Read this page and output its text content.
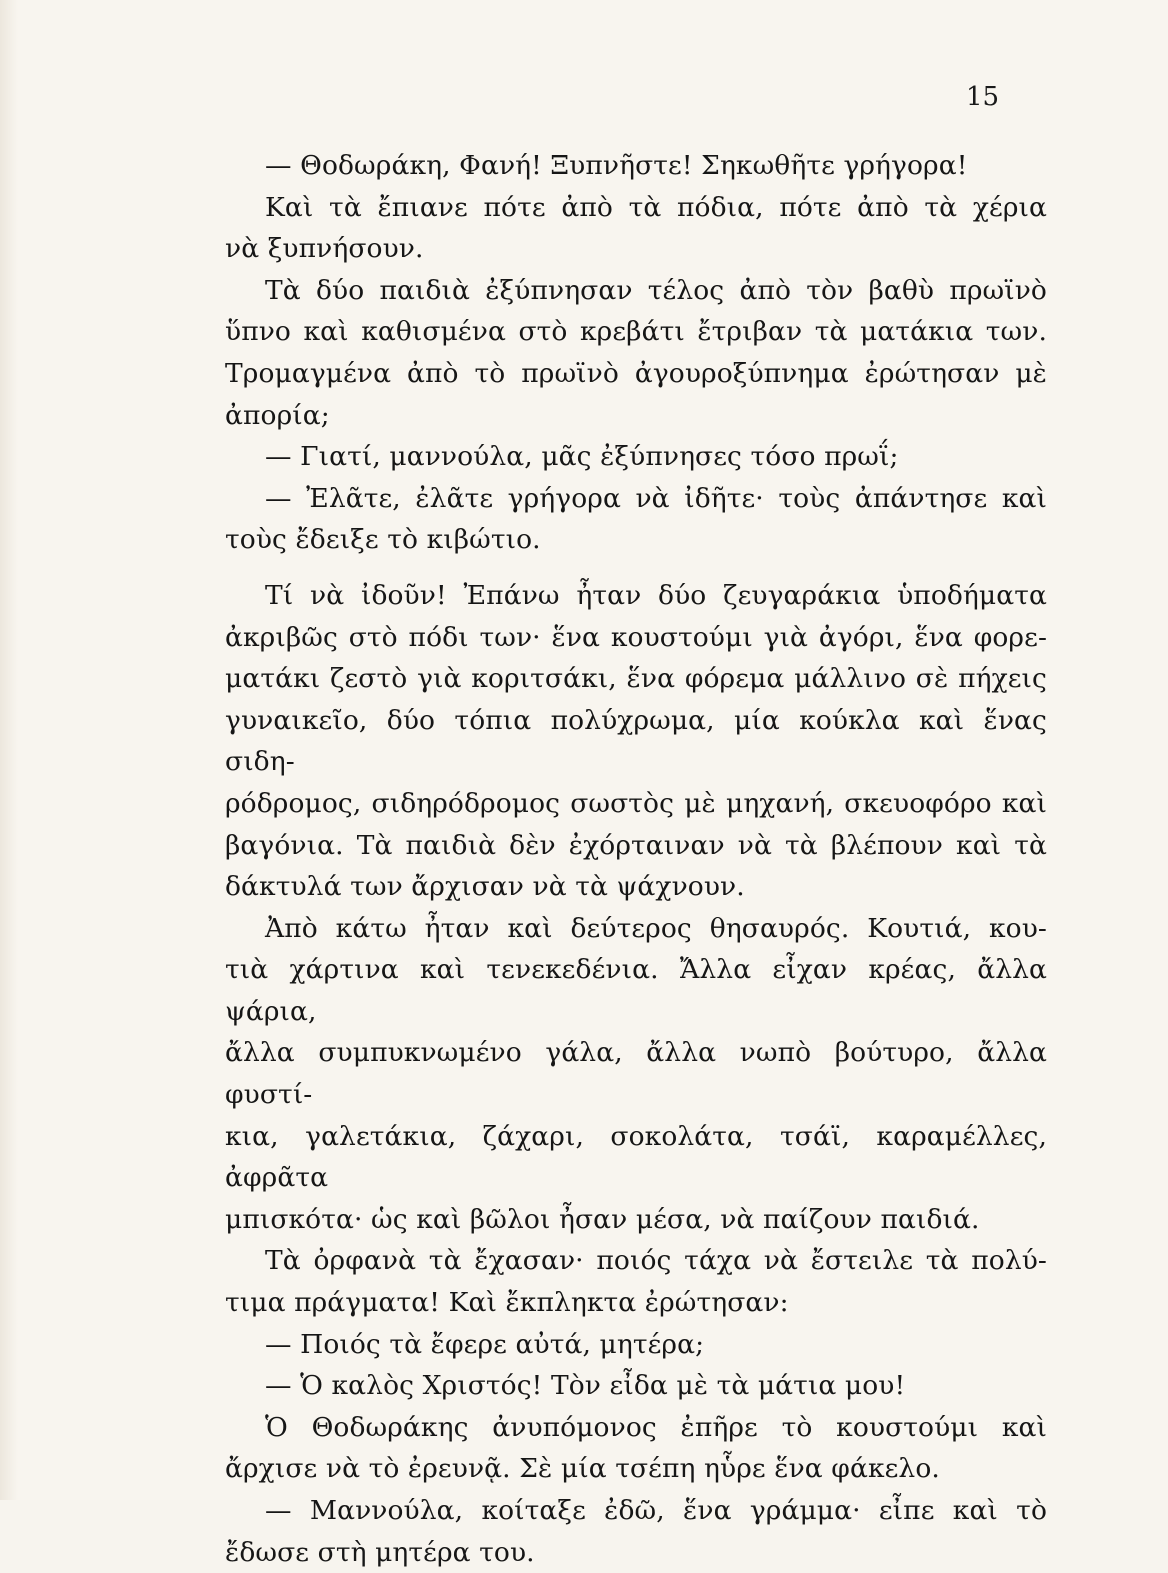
15
— Θοδωράκη, Φανή! Ξυπνῆστε! Σηκωθῆτε γρήγορα!
Καὶ τὰ ἔπιανε πότε ἀπὸ τὰ πόδια, πότε ἀπὸ τὰ χέρια
νὰ ξυπνήσουν.
Τὰ δύο παιδιὰ ἐξύπνησαν τέλος ἀπὸ τὸν βαθὺ πρωϊνὸ
ὕπνο καὶ καθισμένα στὸ κρεβάτι ἔτριβαν τὰ ματάκια των.
Τρομαγμένα ἀπὸ τὸ πρωϊνὸ ἀγουροξύπνημα ἐρώτησαν μὲ
ἀπορία;
— Γιατί, μαννούλα, μᾶς ἐξύπνησες τόσο πρωΐ;
— Ἐλᾶτε, ἐλᾶτε γρήγορα νὰ ἰδῆτε· τοὺς ἀπάντησε καὶ
τοὺς ἔδειξε τὸ κιβώτιο.
Τί νὰ ἰδοῦν! Ἐπάνω ἦταν δύο ζευγαράκια ὑποδήματα
ἀκριβῶς στὸ πόδι των· ἕνα κουστούμι γιὰ ἀγόρι, ἕνα φορε-
ματάκι ζεστὸ γιὰ κοριτσάκι, ἕνα φόρεμα μάλλινο σὲ πήχεις
γυναικεῖο, δύο τόπια πολύχρωμα, μία κούκλα καὶ ἕνας σιδη-
ρόδρομος, σιδηρόδρομος σωστὸς μὲ μηχανή, σκευοφόρο καὶ
βαγόνια. Τὰ παιδιὰ δὲν ἐχόρταιναν νὰ τὰ βλέπουν καὶ τὰ
δάκτυλά των ἄρχισαν νὰ τὰ ψάχνουν.
Ἀπὸ κάτω ἦταν καὶ δεύτερος θησαυρός. Κουτιά, κου-
τιὰ χάρτινα καὶ τενεκεδένια. Ἄλλα εἶχαν κρέας, ἄλλα ψάρια,
ἄλλα συμπυκνωμένο γάλα, ἄλλα νωπὸ βούτυρο, ἄλλα φυστί-
κια, γαλετάκια, ζάχαρι, σοκολάτα, τσάϊ, καραμέλλες, ἀφρᾶτα
μπισκότα· ὡς καὶ βῶλοι ἦσαν μέσα, νὰ παίζουν παιδιά.
Τὰ ὀρφανὰ τὰ ἔχασαν· ποιός τάχα νὰ ἔστειλε τὰ πολύ-
τιμα πράγματα! Καὶ ἔκπληκτα ἐρώτησαν:
— Ποιός τὰ ἔφερε αὐτά, μητέρα;
— Ὁ καλὸς Χριστός! Τὸν εἶδα μὲ τὰ μάτια μου!
Ὁ Θοδωράκης ἀνυπόμονος ἐπῆρε τὸ κουστούμι καὶ
ἄρχισε νὰ τὸ ἐρευνᾷ. Σὲ μία τσέπη ηὗρε ἕνα φάκελο.
— Μαννούλα, κοίταξε ἐδῶ, ἕνα γράμμα· εἶπε καὶ τὸ
ἔδωσε στὴ μητέρα του.
